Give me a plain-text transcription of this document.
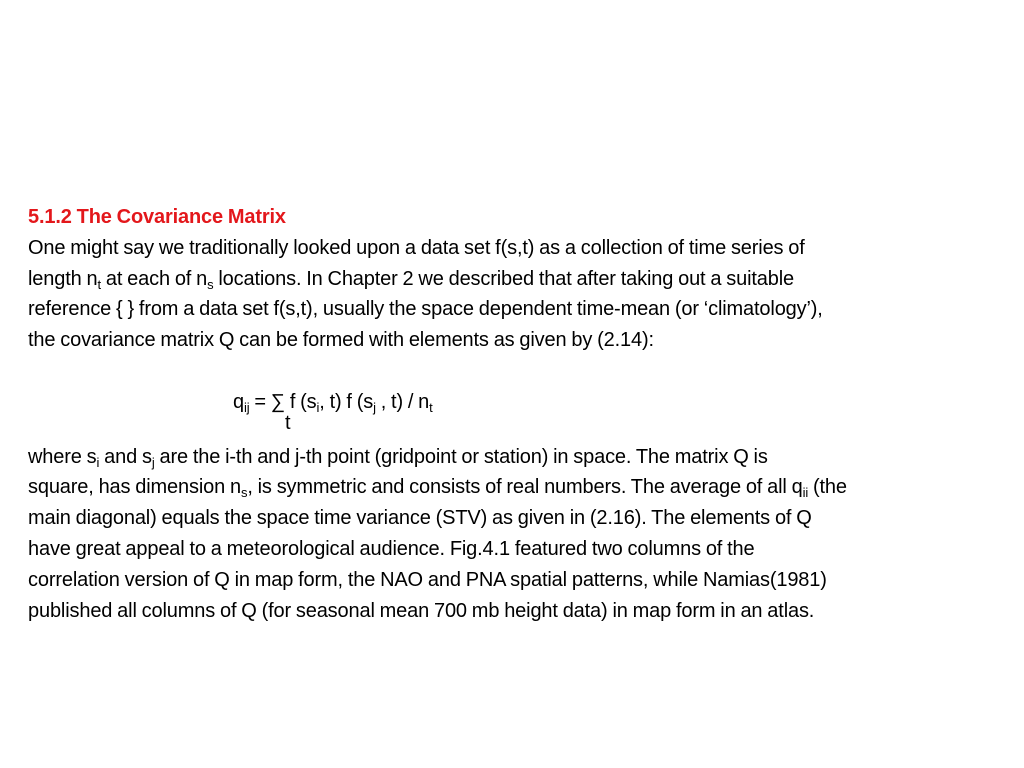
5.1.2 The Covariance Matrix
One might say we traditionally looked upon a data set f(s,t) as a collection of time series of
length $n_t$ at each of $n_s$ locations. In Chapter 2 we described that after taking out a suitable
reference { } from a data set f(s,t), usually the space dependent time-mean (or ‘climatology’),
the covariance matrix Q can be formed with elements as given by (2.14):
$q_{ij}$ = ∑ f ($s_i$, t) f ($s_j$ , $t) / n_t$
t
where $s_i$ and $s_j$ are the i-th and j-th point (gridpoint or station) in space. The matrix Q is
square, has dimension $n_s$, is symmetric and consists of real numbers. The average of all $q_{ii}$ (the
main diagonal) equals the space time variance (STV) as given in (2.16). The elements of Q
have great appeal to a meteorological audience. Fig.4.1 featured two columns of the
correlation version of Q in map form, the NAO and PNA spatial patterns, while Namias(1981)
published all columns of Q (for seasonal mean 700 mb height data) in map form in an atlas.
